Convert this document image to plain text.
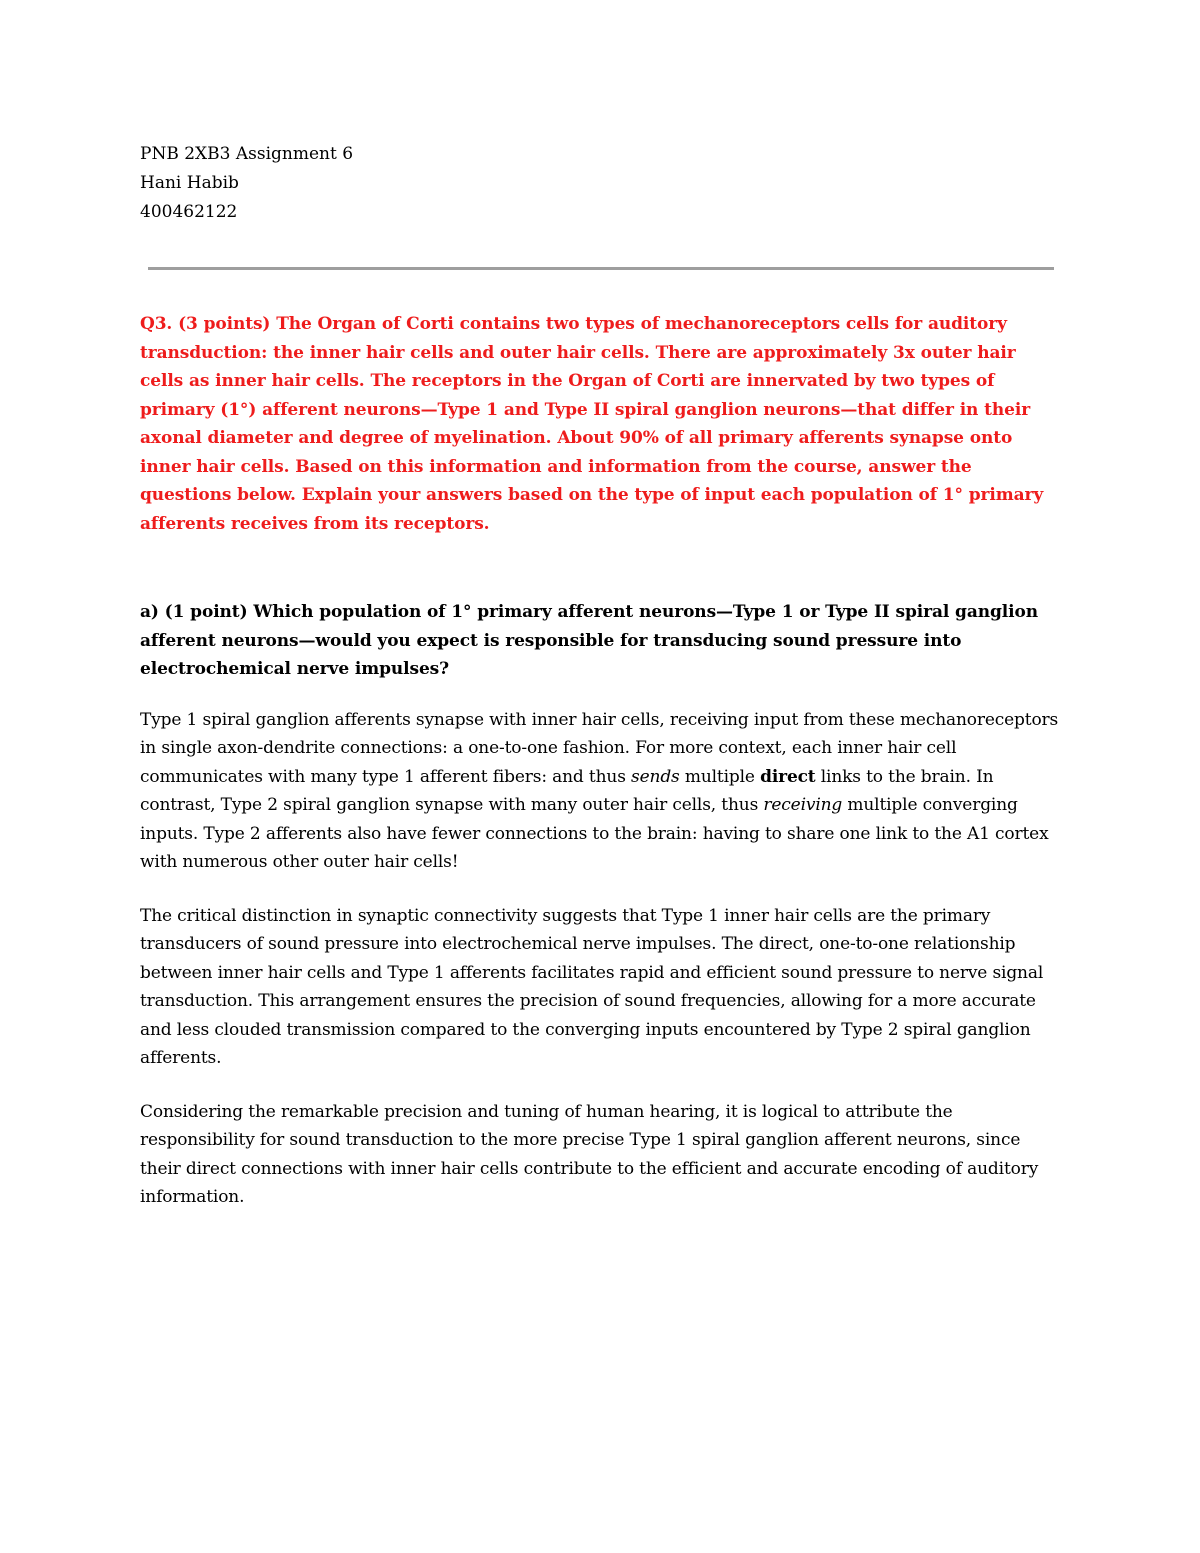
PNB 2XB3 Assignment 6

Hani Habib

400462122

Q3. (3 points) The Organ of Corti contains two types of mechanoreceptors cells for auditory transduction: the inner hair cells and outer hair cells. There are approximately 3x outer hair cells as inner hair cells. The receptors in the Organ of Corti are innervated by two types of primary (1°) afferent neurons—Type 1 and Type II spiral ganglion neurons—that differ in their axonal diameter and degree of myelination. About 90% of all primary afferents synapse onto inner hair cells. Based on this information and information from the course, answer the questions below. Explain your answers based on the type of input each population of 1° primary afferents receives from its receptors.

a) (1 point) Which population of 1° primary afferent neurons—Type 1 or Type II spiral ganglion afferent neurons—would you expect is responsible for transducing sound pressure into electrochemical nerve impulses?

Type 1 spiral ganglion afferents synapse with inner hair cells, receiving input from these mechanoreceptors in single axon-dendrite connections: a one-to-one fashion. For more context, each inner hair cell communicates with many type 1 afferent fibers: and thus sends multiple direct links to the brain. In contrast, Type 2 spiral ganglion synapse with many outer hair cells, thus receiving multiple converging inputs. Type 2 afferents also have fewer connections to the brain: having to share one link to the A1 cortex with numerous other outer hair cells!

The critical distinction in synaptic connectivity suggests that Type 1 inner hair cells are the primary transducers of sound pressure into electrochemical nerve impulses. The direct, one-to-one relationship between inner hair cells and Type 1 afferents facilitates rapid and efficient sound pressure to nerve signal transduction. This arrangement ensures the precision of sound frequencies, allowing for a more accurate and less clouded transmission compared to the converging inputs encountered by Type 2 spiral ganglion afferents.

Considering the remarkable precision and tuning of human hearing, it is logical to attribute the responsibility for sound transduction to the more precise Type 1 spiral ganglion afferent neurons, since their direct connections with inner hair cells contribute to the efficient and accurate encoding of auditory information.
